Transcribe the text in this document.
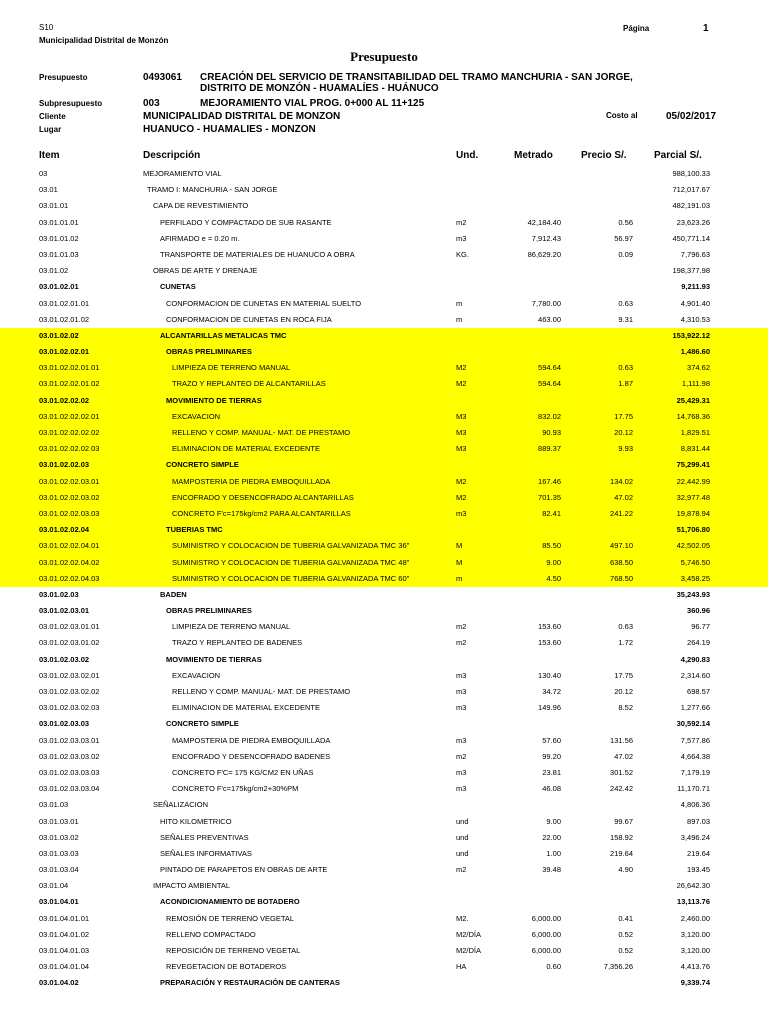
S10
Municipalidad Distrital de Monzón
Página	1
Presupuesto
Presupuesto	0493061 CREACIÓN DEL SERVICIO DE TRANSITABILIDAD DEL TRAMO MANCHURIA - SAN JORGE, DISTRITO DE MONZÓN - HUAMALÍES - HUÁNUCO
Subpresupuesto	003	MEJORAMIENTO VIAL PROG. 0+000 AL 11+125
Cliente	MUNICIPALIDAD DISTRITAL DE MONZON	Costo al	05/02/2017
Lugar	HUANUCO - HUAMALIES - MONZON
Item	Descripción	Und.	Metrado	Precio S/.	Parcial S/.
03	MEJORAMIENTO VIAL	988,100.33
03.01	TRAMO I: MANCHURIA - SAN JORGE	712,017.67
03.01.01	CAPA DE REVESTIMIENTO	482,191.03
03.01.01.01	PERFILADO Y COMPACTADO DE SUB RASANTE	m2	42,184.40	0.56	23,623.26
03.01.01.02	AFIRMADO e = 0.20 m.	m3	7,912.43	56.97	450,771.14
03.01.01.03	TRANSPORTE DE MATERIALES DE HUANUCO A OBRA	KG.	86,629.20	0.09	7,796.63
03.01.02	OBRAS DE ARTE Y DRENAJE	198,377.98
03.01.02.01	CUNETAS	9,211.93
03.01.02.01.01	CONFORMACION DE CUNETAS EN MATERIAL SUELTO	m	7,780.00	0.63	4,901.40
03.01.02.01.02	CONFORMACION DE CUNETAS EN ROCA FIJA	m	463.00	9.31	4,310.53
03.01.02.02	ALCANTARILLAS METALICAS TMC	153,922.12
03.01.02.02.01	OBRAS PRELIMINARES	1,486.60
03.01.02.02.01.01	LIMPIEZA DE TERRENO MANUAL	M2	594.64	0.63	374.62
03.01.02.02.01.02	TRAZO Y REPLANTEO DE ALCANTARILLAS	M2	594.64	1.87	1,111.98
03.01.02.02.02	MOVIMIENTO DE TIERRAS	25,429.31
03.01.02.02.02.01	EXCAVACION	M3	832.02	17.75	14,768.36
03.01.02.02.02.02	RELLENO Y COMP. MANUAL- MAT. DE PRESTAMO	M3	90.93	20.12	1,829.51
03.01.02.02.02.03	ELIMINACION DE MATERIAL EXCEDENTE	M3	889.37	9.93	8,831.44
03.01.02.02.03	CONCRETO SIMPLE	75,299.41
03.01.02.02.03.01	MAMPOSTERIA DE PIEDRA EMBOQUILLADA	M2	167.46	134.02	22,442.99
03.01.02.02.03.02	ENCOFRADO Y DESENCOFRADO ALCANTARILLAS	M2	701.35	47.02	32,977.48
03.01.02.02.03.03	CONCRETO F'c=175kg/cm2 PARA ALCANTARILLAS	m3	82.41	241.22	19,878.94
03.01.02.02.04	TUBERIAS TMC	51,706.80
03.01.02.02.04.01	SUMINISTRO Y COLOCACION DE TUBERIA GALVANIZADA TMC 36"	M	85.50	497.10	42,502.05
03.01.02.02.04.02	SUMINISTRO Y COLOCACION DE TUBERIA GALVANIZADA TMC 48"	M	9.00	638.50	5,746.50
03.01.02.02.04.03	SUMINISTRO Y COLOCACION DE TUBERIA GALVANIZADA TMC 60"	m	4.50	768.50	3,458.25
03.01.02.03	BADEN	35,243.93
03.01.02.03.01	OBRAS PRELIMINARES	360.96
03.01.02.03.01.01	LIMPIEZA DE TERRENO MANUAL	m2	153.60	0.63	96.77
03.01.02.03.01.02	TRAZO Y REPLANTEO DE BADENES	m2	153.60	1.72	264.19
03.01.02.03.02	MOVIMIENTO DE TIERRAS	4,290.83
03.01.02.03.02.01	EXCAVACION	m3	130.40	17.75	2,314.60
03.01.02.03.02.02	RELLENO Y COMP. MANUAL- MAT. DE PRESTAMO	m3	34.72	20.12	698.57
03.01.02.03.02.03	ELIMINACION DE MATERIAL EXCEDENTE	m3	149.96	8.52	1,277.66
03.01.02.03.03	CONCRETO SIMPLE	30,592.14
03.01.02.03.03.01	MAMPOSTERIA DE PIEDRA EMBOQUILLADA	m3	57.60	131.56	7,577.86
03.01.02.03.03.02	ENCOFRADO Y DESENCOFRADO BADENES	m2	99.20	47.02	4,664.38
03.01.02.03.03.03	CONCRETO F'C= 175 KG/CM2 EN UÑAS	m3	23.81	301.52	7,179.19
03.01.02.03.03.04	CONCRETO F'c=175kg/cm2+30%PM	m3	46.08	242.42	11,170.71
03.01.03	SEÑALIZACION	4,806.36
03.01.03.01	HITO KILOMETRICO	und	9.00	99.67	897.03
03.01.03.02	SEÑALES PREVENTIVAS	und	22.00	158.92	3,496.24
03.01.03.03	SEÑALES INFORMATIVAS	und	1.00	219.64	219.64
03.01.03.04	PINTADO DE PARAPETOS EN OBRAS DE ARTE	m2	39.48	4.90	193.45
03.01.04	IMPACTO AMBIENTAL	26,642.30
03.01.04.01	ACONDICIONAMIENTO DE BOTADERO	13,113.76
03.01.04.01.01	REMOSIÓN DE TERRENO VEGETAL	M2.	6,000.00	0.41	2,460.00
03.01.04.01.02	RELLENO COMPACTADO	M2/DÍA	6,000.00	0.52	3,120.00
03.01.04.01.03	REPOSICIÓN DE TERRENO VEGETAL	M2/DÍA	6,000.00	0.52	3,120.00
03.01.04.01.04	REVEGETACION DE BOTADEROS	HA	0.60	7,356.26	4,413.76
03.01.04.02	PREPARACIÓN Y RESTAURACIÓN DE CANTERAS	9,339.74
